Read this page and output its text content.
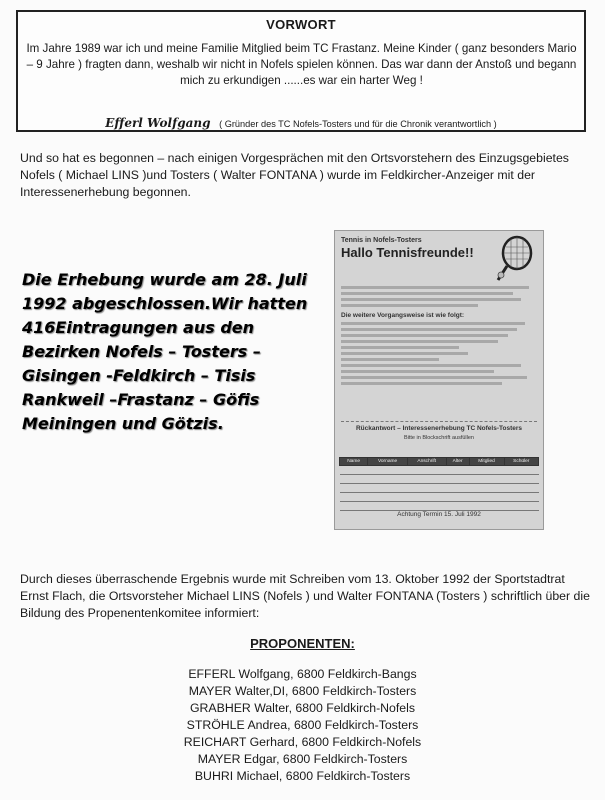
VORWORT
Im Jahre 1989 war ich und meine Familie Mitglied beim TC Frastanz. Meine Kinder ( ganz besonders Mario – 9 Jahre ) fragten dann, weshalb wir nicht in Nofels spielen können. Das war dann der Anstoß und begann mich zu erkundigen ......es war ein harter Weg !
Efferl Wolfgang ( Gründer des TC Nofels-Tosters und für die Chronik verantwortlich )
Und so hat es begonnen – nach einigen Vorgesprächen mit den Ortsvorstehern des Einzugsgebietes Nofels ( Michael LINS )und Tosters ( Walter FONTANA ) wurde im Feldkircher-Anzeiger mit der Interessenerhebung begonnen.
Die Erhebung wurde am 28. Juli
1992 abgeschlossen.Wir hatten
416Eintragungen aus den
Bezirken Nofels – Tosters –
Gisingen -Feldkirch – Tisis
Rankweil –Frastanz – Göfis
Meiningen und Götzis.
Tennis in Nofels-Tosters
Hallo Tennisfreunde!!
Die weitere Vorgangsweise ist wie folgt:
Rückantwort – Interessenerhebung TC Nofels-Tosters
Bitte in Blockschrift ausfüllen
Name	Vorname	Anschrift	Alter	Mitglied	Schüler

Achtung Termin 15. Juli 1992
Durch dieses überraschende Ergebnis wurde mit Schreiben vom 13. Oktober 1992 der Sportstadtrat Ernst Flach, die Ortsvorsteher Michael LINS (Nofels ) und Walter FONTANA (Tosters ) schriftlich über die Bildung des Propenentenkomitee informiert:
PROPONENTEN:
EFFERL Wolfgang, 6800 Feldkirch-Bangs
MAYER Walter,DI, 6800 Feldkirch-Tosters
GRABHER Walter, 6800 Feldkirch-Nofels
STRÖHLE Andrea, 6800 Feldkirch-Tosters
REICHART Gerhard, 6800 Feldkirch-Nofels
MAYER Edgar, 6800 Feldkirch-Tosters
BUHRI Michael, 6800 Feldkirch-Tosters
